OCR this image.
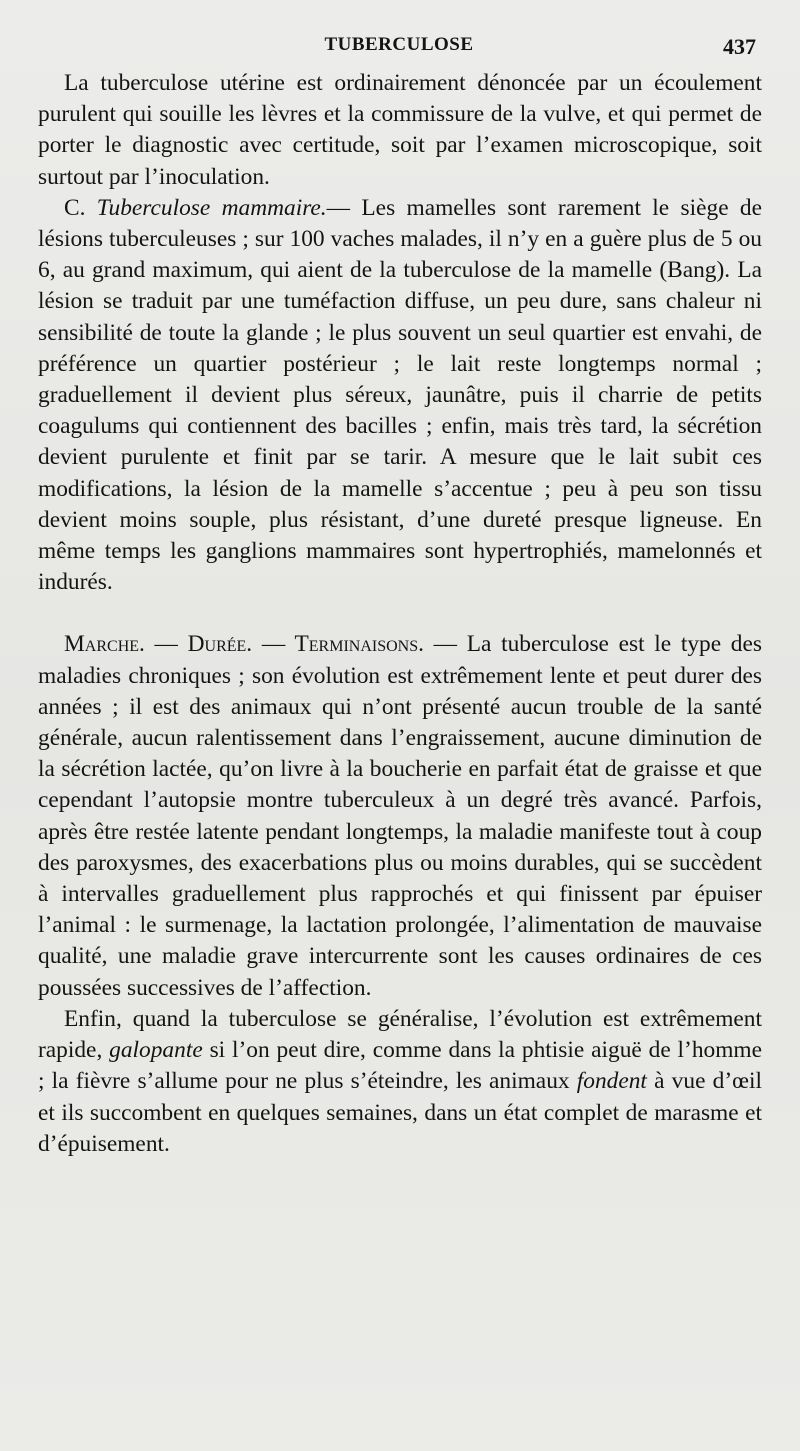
TUBERCULOSE	437

La tuberculose utérine est ordinairement dénoncée par un écoulement purulent qui souille les lèvres et la commissure de la vulve, et qui permet de porter le diagnostic avec certitude, soit par l’examen microscopique, soit surtout par l’inoculation.

C. Tuberculose mammaire.— Les mamelles sont rarement le siège de lésions tuberculeuses ; sur 100 vaches malades, il n’y en a guère plus de 5 ou 6, au grand maximum, qui aient de la tuberculose de la mamelle (Bang). La lésion se traduit par une tuméfaction diffuse, un peu dure, sans chaleur ni sensibilité de toute la glande ; le plus souvent un seul quartier est envahi, de préférence un quartier postérieur ; le lait reste longtemps normal ; graduellement il devient plus séreux, jaunâtre, puis il charrie de petits coagulums qui contiennent des bacilles ; enfin, mais très tard, la sécrétion devient purulente et finit par se tarir. A mesure que le lait subit ces modifications, la lésion de la mamelle s’accentue ; peu à peu son tissu devient moins souple, plus résistant, d’une dureté presque ligneuse. En même temps les ganglions mammaires sont hypertrophiés, mamelonnés et indurés.

Marche. — Durée. — Terminaisons. — La tuberculose est le type des maladies chroniques ; son évolution est extrêmement lente et peut durer des années ; il est des animaux qui n’ont présenté aucun trouble de la santé générale, aucun ralentissement dans l’engraissement, aucune diminution de la sécrétion lactée, qu’on livre à la boucherie en parfait état de graisse et que cependant l’autopsie montre tuberculeux à un degré très avancé. Parfois, après être restée latente pendant longtemps, la maladie manifeste tout à coup des paroxysmes, des exacerbations plus ou moins durables, qui se succèdent à intervalles graduellement plus rapprochés et qui finissent par épuiser l’animal : le surmenage, la lactation prolongée, l’alimentation de mauvaise qualité, une maladie grave intercurrente sont les causes ordinaires de ces poussées successives de l’affection.

Enfin, quand la tuberculose se généralise, l’évolution est extrêmement rapide, galopante si l’on peut dire, comme dans la phtisie aiguë de l’homme ; la fièvre s’allume pour ne plus s’éteindre, les animaux fondent à vue d’œil et ils succombent en quelques semaines, dans un état complet de marasme et d’épuisement.
